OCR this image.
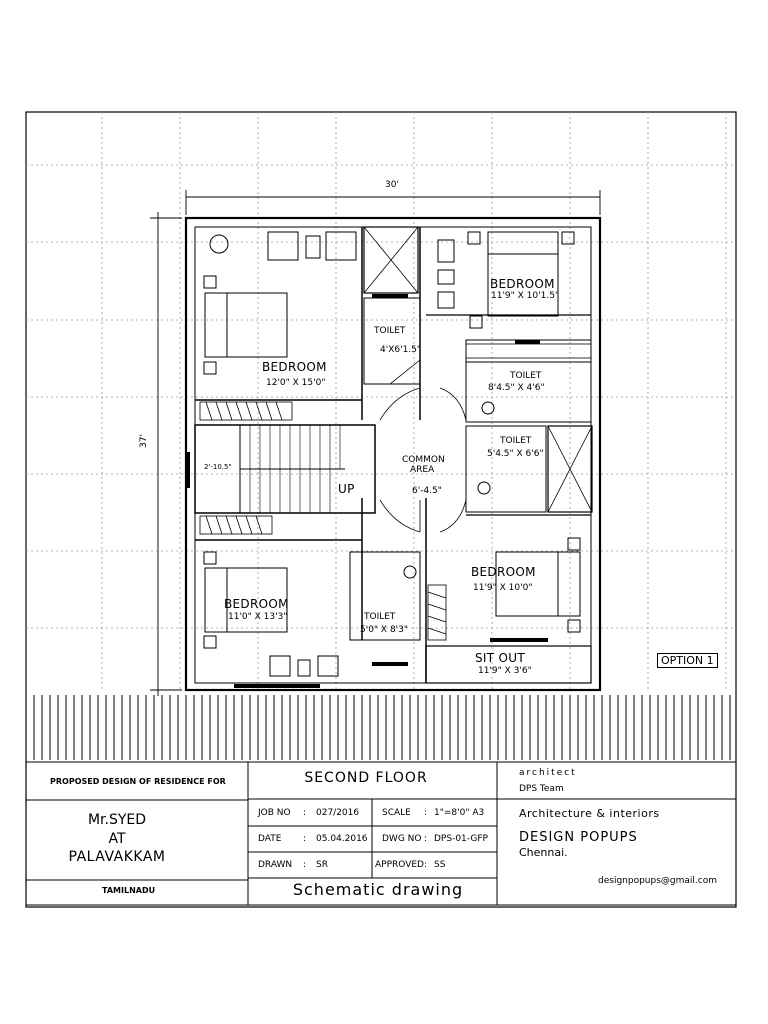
30'
37'
BEDROOM
12'0" X 15'0"
BEDROOM
11'9" X 10'1.5"
TOILET
4'X6'1.5"
TOILET
8'4.5" X 4'6"
TOILET
5'4.5" X 6'6"
COMMON
AREA
6'-4.5"
UP
2'-10.5"
BEDROOM
11'0" X 13'3"	TOILET
5'0" X 8'3"
BEDROOM
11'9" X 10'0"
SIT OUT
11'9" X 3'6"
OPTION 1
PROPOSED DESIGN OF RESIDENCE FOR
Mr.SYED
AT
PALAVAKKAM
TAMILNADU
SECOND FLOOR
Schematic drawing
JOB NO : 027/2016	SCALE : 1"=8'0" A3
DATE : 05.04.2016 DWG NO : DPS-01-GFP
DRAWN : SR	APPROVED : SS
architect
DPS Team
Architecture & interiors
DESIGN POPUPS
Chennai.
designpopups@gmail.com
